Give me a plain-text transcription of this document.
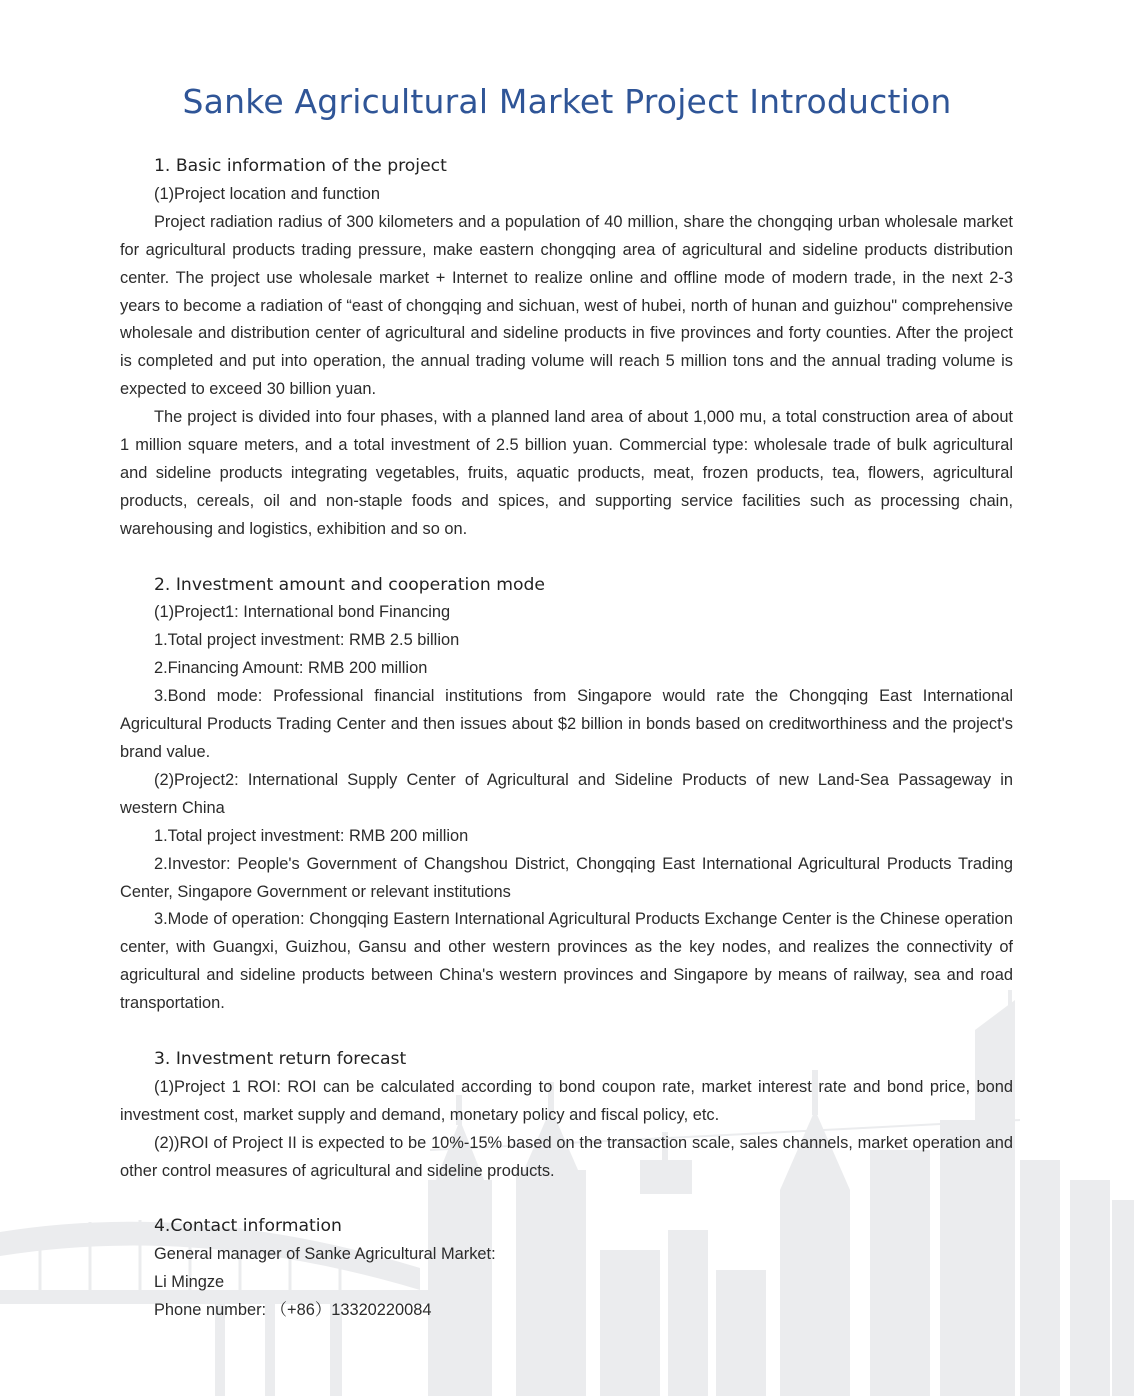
Sanke Agricultural Market Project Introduction
1. Basic information of the project

(1)Project location and function

Project radiation radius of 300 kilometers and a population of 40 million, share the chongqing urban wholesale market for agricultural products trading pressure, make eastern chongqing area of agricultural and sideline products distribution center. The project use wholesale market + Internet to realize online and offline mode of modern trade, in the next 2-3 years to become a radiation of “east of chongqing and sichuan, west of hubei, north of hunan and guizhou" comprehensive wholesale and distribution center of agricultural and sideline products in five provinces and forty counties. After the project is completed and put into operation, the annual trading volume will reach 5 million tons and the annual trading volume is expected to exceed 30 billion yuan.

The project is divided into four phases, with a planned land area of about 1,000 mu, a total construction area of about 1 million square meters, and a total investment of 2.5 billion yuan. Commercial type: wholesale trade of bulk agricultural and sideline products integrating vegetables, fruits, aquatic products, meat, frozen products, tea, flowers, agricultural products, cereals, oil and non-staple foods and spices, and supporting service facilities such as processing chain, warehousing and logistics, exhibition and so on.

2. Investment amount and cooperation mode

(1)Project1: International bond Financing

1.Total project investment: RMB 2.5 billion

2.Financing Amount: RMB 200 million

3.Bond mode: Professional financial institutions from Singapore would rate the Chongqing East International Agricultural Products Trading Center and then issues about $2 billion in bonds based on creditworthiness and the project's brand value.

(2)Project2: International Supply Center of Agricultural and Sideline Products of new Land-Sea Passageway in western China

1.Total project investment: RMB 200 million

2.Investor: People's Government of Changshou District, Chongqing East International Agricultural Products Trading Center, Singapore Government or relevant institutions

3.Mode of operation: Chongqing Eastern International Agricultural Products Exchange Center is the Chinese operation center, with Guangxi, Guizhou, Gansu and other western provinces as the key nodes, and realizes the connectivity of agricultural and sideline products between China's western provinces and Singapore by means of railway, sea and road transportation.

3. Investment return forecast

(1)Project 1 ROI: ROI can be calculated according to bond coupon rate, market interest rate and bond price, bond investment cost, market supply and demand, monetary policy and fiscal policy, etc.

(2))ROI of Project II is expected to be 10%-15% based on the transaction scale, sales channels, market operation and other control measures of agricultural and sideline products.

4.Contact information

General manager of Sanke Agricultural Market:

Li Mingze

Phone number: （+86）13320220084
